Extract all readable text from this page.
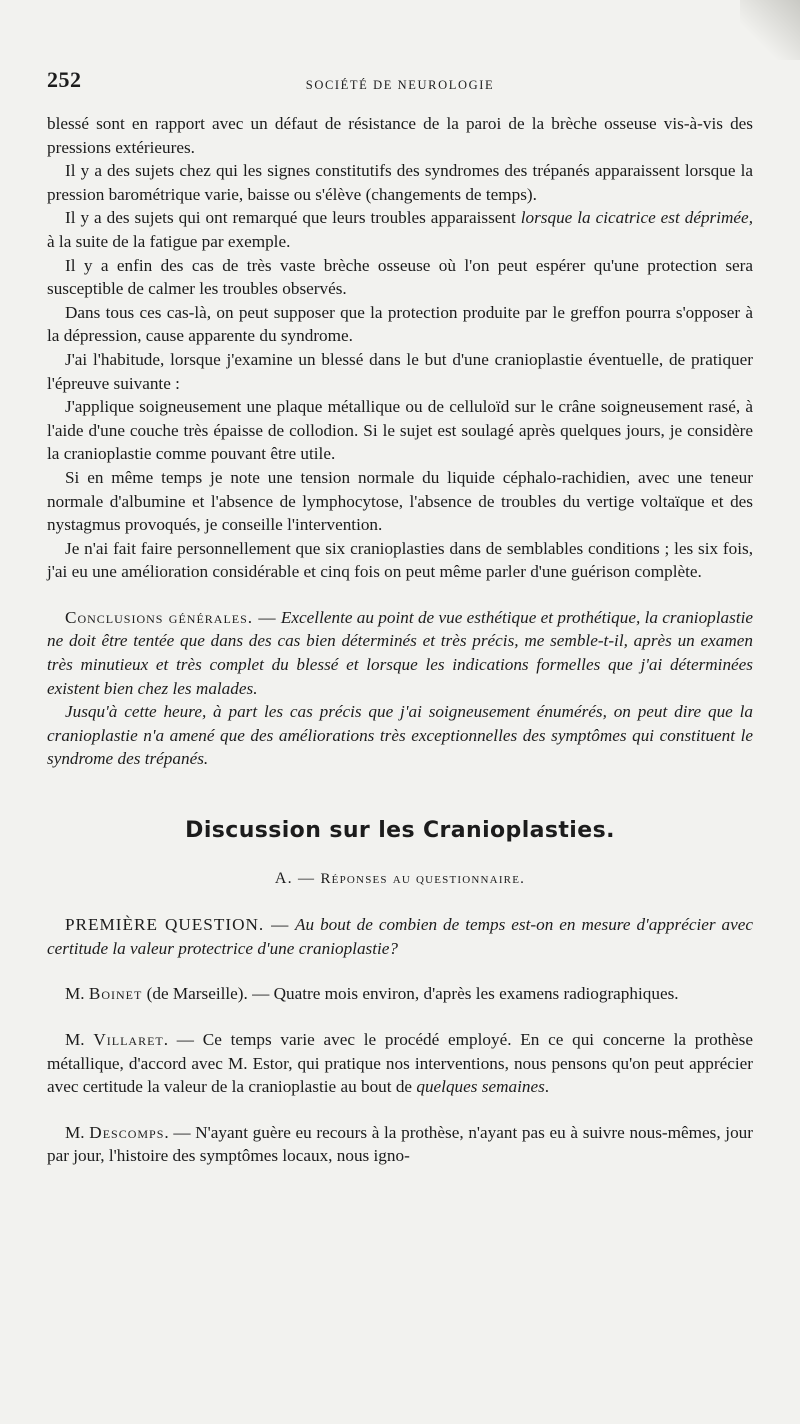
252	SOCIÉTÉ DE NEUROLOGIE

blessé sont en rapport avec un défaut de résistance de la paroi de la brèche osseuse vis-à-vis des pressions extérieures.

Il y a des sujets chez qui les signes constitutifs des syndromes des trépanés apparaissent lorsque la pression barométrique varie, baisse ou s'élève (changements de temps).

Il y a des sujets qui ont remarqué que leurs troubles apparaissent lorsque la cicatrice est déprimée, à la suite de la fatigue par exemple.

Il y a enfin des cas de très vaste brèche osseuse où l'on peut espérer qu'une protection sera susceptible de calmer les troubles observés.

Dans tous ces cas-là, on peut supposer que la protection produite par le greffon pourra s'opposer à la dépression, cause apparente du syndrome.

J'ai l'habitude, lorsque j'examine un blessé dans le but d'une cranioplastie éventuelle, de pratiquer l'épreuve suivante :

J'applique soigneusement une plaque métallique ou de celluloïd sur le crâne soigneusement rasé, à l'aide d'une couche très épaisse de collodion. Si le sujet est soulagé après quelques jours, je considère la cranioplastie comme pouvant être utile.

Si en même temps je note une tension normale du liquide céphalo-rachidien, avec une teneur normale d'albumine et l'absence de lymphocytose, l'absence de troubles du vertige voltaïque et des nystagmus provoqués, je conseille l'intervention.

Je n'ai fait faire personnellement que six cranioplasties dans de semblables conditions ; les six fois, j'ai eu une amélioration considérable et cinq fois on peut même parler d'une guérison complète.

Conclusions générales. — Excellente au point de vue esthétique et prothétique, la cranioplastie ne doit être tentée que dans des cas bien déterminés et très précis, me semble-t-il, après un examen très minutieux et très complet du blessé et lorsque les indications formelles que j'ai déterminées existent bien chez les malades.

Jusqu'à cette heure, à part les cas précis que j'ai soigneusement énumérés, on peut dire que la cranioplastie n'a amené que des améliorations très exceptionnelles des symptômes qui constituent le syndrome des trépanés.

Discussion sur les Cranioplasties.
A. — Réponses au questionnaire.

PREMIÈRE QUESTION. — Au bout de combien de temps est-on en mesure d'apprécier avec certitude la valeur protectrice d'une cranioplastie?

M. Boinet (de Marseille). — Quatre mois environ, d'après les examens radiographiques.

M. Villaret. — Ce temps varie avec le procédé employé. En ce qui concerne la prothèse métallique, d'accord avec M. Estor, qui pratique nos interventions, nous pensons qu'on peut apprécier avec certitude la valeur de la cranioplastie au bout de quelques semaines.

M. Descomps. — N'ayant guère eu recours à la prothèse, n'ayant pas eu à suivre nous-mêmes, jour par jour, l'histoire des symptômes locaux, nous igno-
